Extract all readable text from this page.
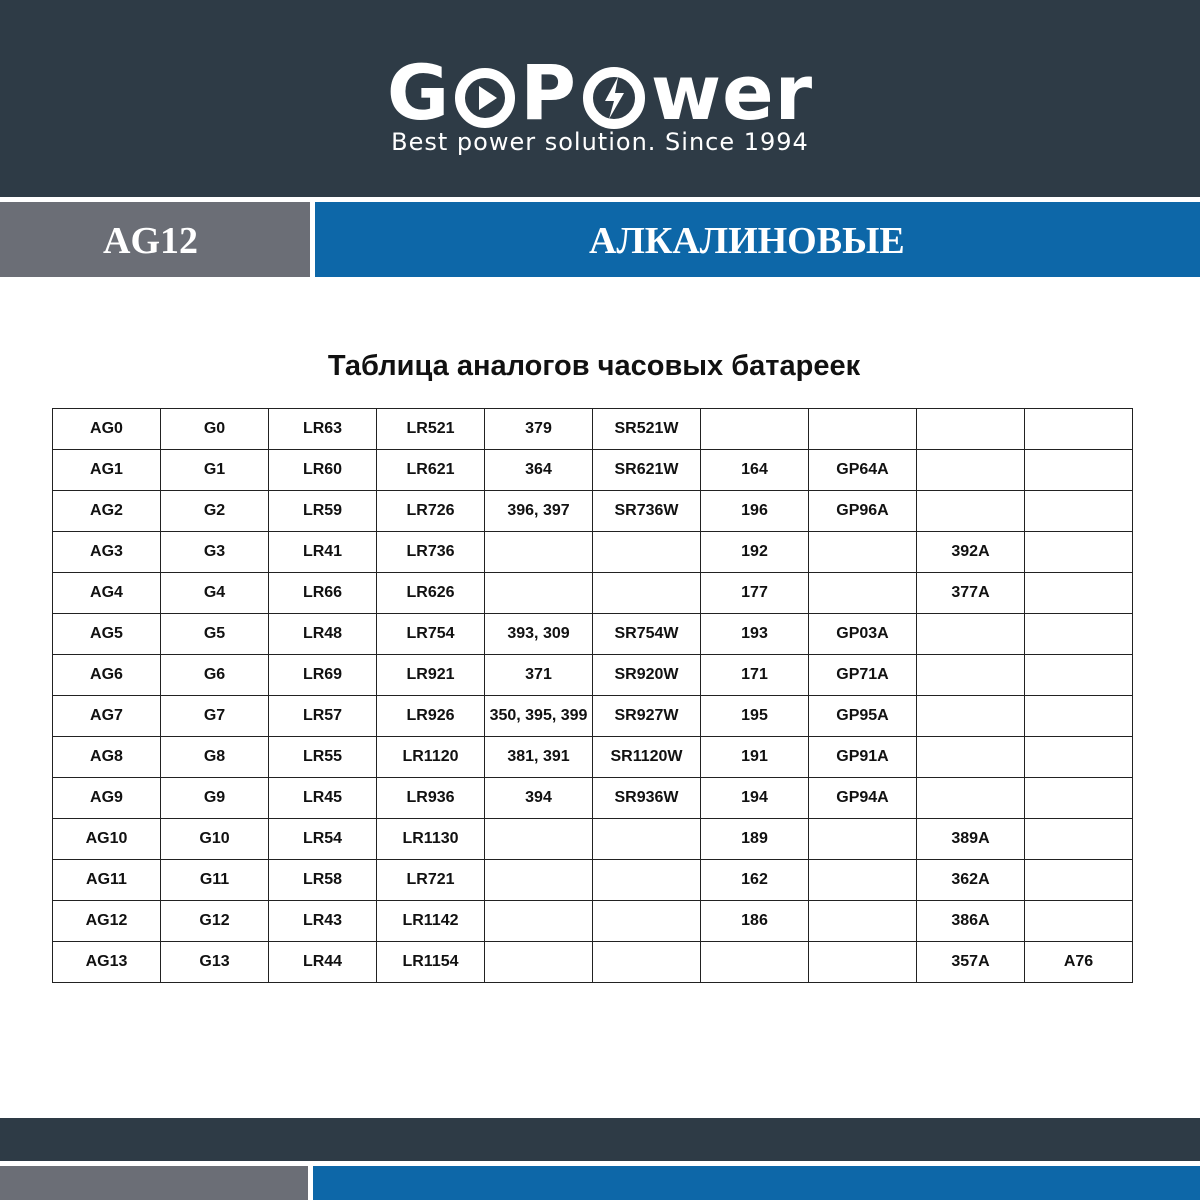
G P wer
Best power solution. Since 1994
AG12	АЛКАЛИНОВЫЕ
Таблица аналогов часовых батареек
AG0	G0	LR63	LR521	379	SR521W				
AG1	G1	LR60	LR621	364	SR621W	164	GP64A		
AG2	G2	LR59	LR726	396, 397	SR736W	196	GP96A		
AG3	G3	LR41	LR736			192		392A	
AG4	G4	LR66	LR626			177		377A	
AG5	G5	LR48	LR754	393, 309	SR754W	193	GP03A		
AG6	G6	LR69	LR921	371	SR920W	171	GP71A		
AG7	G7	LR57	LR926	350, 395, 399	SR927W	195	GP95A		
AG8	G8	LR55	LR1120	381, 391	SR1120W	191	GP91A		
AG9	G9	LR45	LR936	394	SR936W	194	GP94A		
AG10	G10	LR54	LR1130			189		389A	
AG11	G11	LR58	LR721			162		362A	
AG12	G12	LR43	LR1142			186		386A	
AG13	G13	LR44	LR1154					357A	A76
